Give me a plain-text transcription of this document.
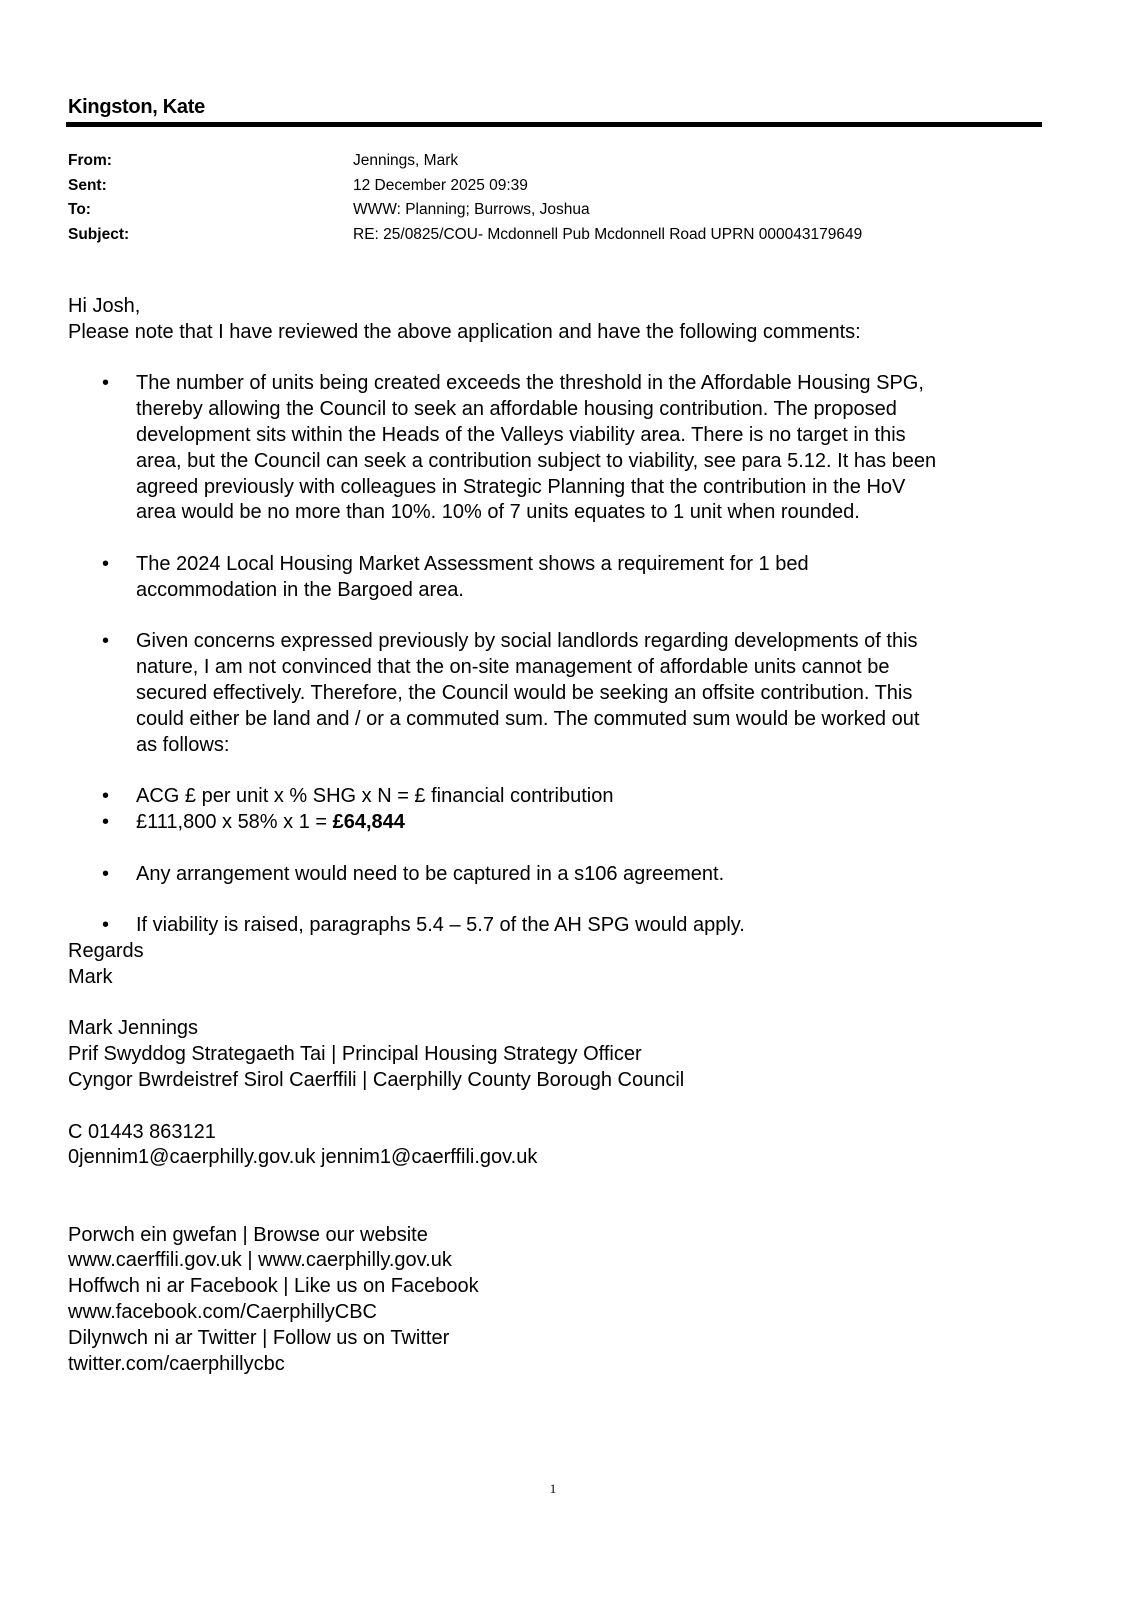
Kingston, Kate
From:	Jennings, Mark
Sent:	12 December 2025 09:39
To:	WWW: Planning; Burrows, Joshua
Subject:	RE: 25/0825/COU- Mcdonnell Pub Mcdonnell Road UPRN 000043179649

Hi Josh,

Please note that I have reviewed the above application and have the following comments:

• The number of units being created exceeds the threshold in the Affordable Housing SPG,
thereby allowing the Council to seek an affordable housing contribution. The proposed
development sits within the Heads of the Valleys viability area. There is no target in this
area, but the Council can seek a contribution subject to viability, see para 5.12. It has been
agreed previously with colleagues in Strategic Planning that the contribution in the HoV
area would be no more than 10%. 10% of 7 units equates to 1 unit when rounded.
• The 2024 Local Housing Market Assessment shows a requirement for 1 bed
accommodation in the Bargoed area.
• Given concerns expressed previously by social landlords regarding developments of this
nature, I am not convinced that the on-site management of affordable units cannot be
secured effectively. Therefore, the Council would be seeking an offsite contribution. This
could either be land and / or a commuted sum. The commuted sum would be worked out
as follows:
• ACG £ per unit x % SHG x N = £ financial contribution
• £111,800 x 58% x 1 = £64,844
• Any arrangement would need to be captured in a s106 agreement.
• If viability is raised, paragraphs 5.4 – 5.7 of the AH SPG would apply.

Regards

Mark

Mark Jennings
Prif Swyddog Strategaeth Tai | Principal Housing Strategy Officer
Cyngor Bwrdeistref Sirol Caerffili | Caerphilly County Borough Council
C 01443 863121
0jennim1@caerphilly.gov.uk jennim1@caerffili.gov.uk
Porwch ein gwefan | Browse our website
www.caerffili.gov.uk | www.caerphilly.gov.uk
Hoffwch ni ar Facebook | Like us on Facebook
www.facebook.com/CaerphillyCBC
Dilynwch ni ar Twitter | Follow us on Twitter
twitter.com/caerphillycbc
1
